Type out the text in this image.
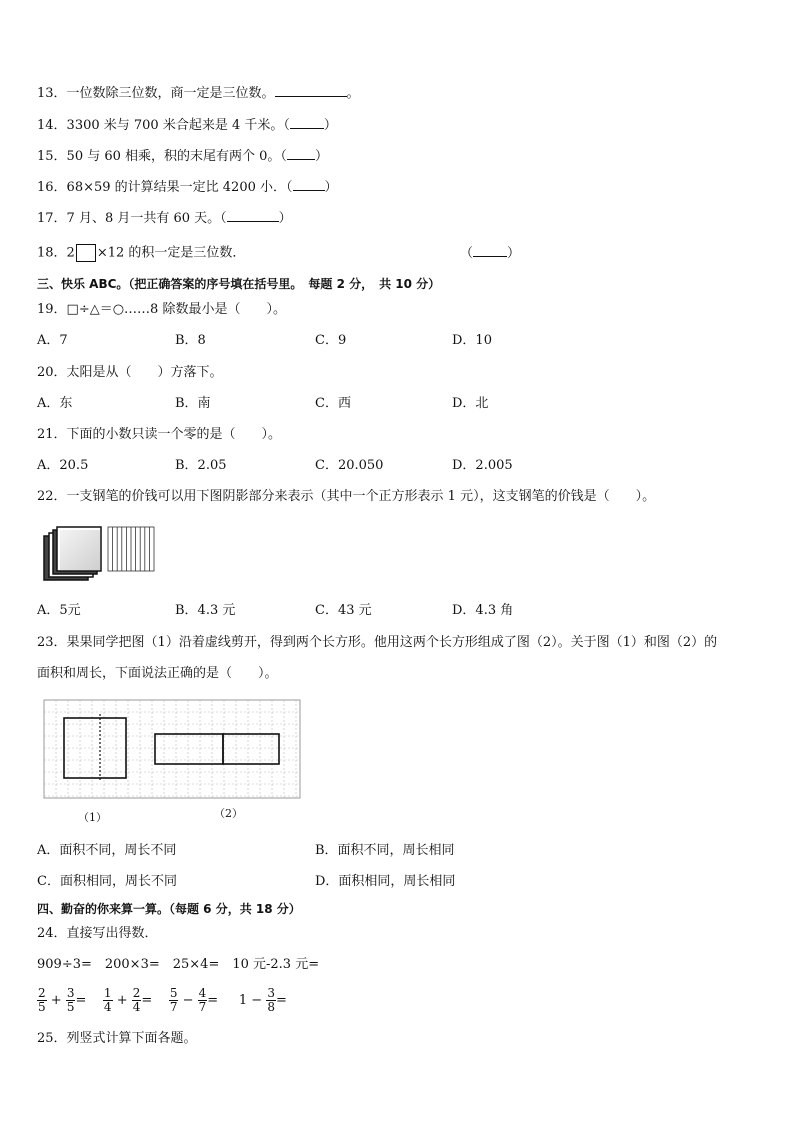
13．一位数除三位数，商一定是三位数。	。
14．3300 米与 700 米合起来是 4 千米。（	）
15．50 与 60 相乘，积的末尾有两个 0。（ ）
16．68×59 的计算结果一定比 4200 小．（ ）
17．7 月、8 月一共有 60 天。（	）
18．2 ×12 的积一定是三位数．	（	）
三、快乐 ABC。（把正确答案的序号填在括号里。　每题 2 分，　共 10 分）
19．□÷△＝○……8 除数最小是（　　）。
A．7	B．8	C．9	D．10
20．太阳是从（　　）方落下。
A．东	B．南	C．西	D．北
21．下面的小数只读一个零的是（　　）。
A．20.5	B．2.05	C．20.050	D．2.005
22．一支钢笔的价钱可以用下图阴影部分来表示（其中一个正方形表示 1 元），这支钢笔的价钱是（　　）。
A．5元	B．4.3 元	C．43 元	D．4.3 角
23．果果同学把图（1）沿着虚线剪开，得到两个长方形。他用这两个长方形组成了图（2）。关于图（1）和图（2）的
面积和周长，下面说法正确的是（　　）。
（1）	（2）
A．面积不同，周长不同	B．面积不同，周长相同
C．面积相同，周长不同	D．面积相同，周长相同
四、勤奋的你来算一算。（每题 6 分，共 18 分）
24．直接写出得数．
909÷3=　200×3=　25×4=　10 元-2.3 元=
$\frac{2}{5} + \frac{3}{5} = \frac{1}{4} + \frac{2}{4} = \frac{5}{7} - \frac{4}{7} = 1 - \frac{3}{8}$ =
25．列竖式计算下面各题。
